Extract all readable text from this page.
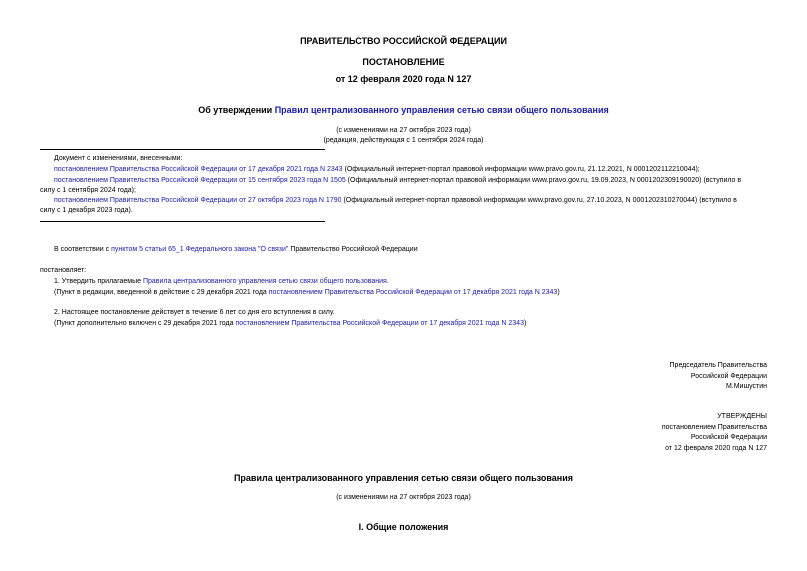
ПРАВИТЕЛЬСТВО РОССИЙСКОЙ ФЕДЕРАЦИИ
ПОСТАНОВЛЕНИЕ
от 12 февраля 2020 года N 127
Об утверждении Правил централизованного управления сетью связи общего пользования
(с изменениями на 27 октября 2023 года)
(редакция, действующая с 1 сентября 2024 года)
Документ с изменениями, внесенными:
постановлением Правительства Российской Федерации от 17 декабря 2021 года N 2343 (Официальный интернет-портал правовой информации www.pravo.gov.ru, 21.12.2021, N 0001202112210044);
постановлением Правительства Российской Федерации от 15 сентября 2023 года N 1505 (Официальный интернет-портал правовой информации www.pravo.gov.ru, 19.09.2023, N 0001202309190020) (вступило в
силу с 1 сентября 2024 года);
постановлением Правительства Российской Федерации от 27 октября 2023 года N 1790 (Официальный интернет-портал правовой информации www.pravo.gov.ru, 27.10.2023, N 0001202310270044) (вступило в
силу с 1 декабря 2023 года).
В соответствии с пунктом 5 статьи 65_1 Федерального закона "О связи" Правительство Российской Федерации
постановляет:
1. Утвердить прилагаемые Правила централизованного управления сетью связи общего пользования.
(Пункт в редакции, введенной в действие с 29 декабря 2021 года постановлением Правительства Российской Федерации от 17 декабря 2021 года N 2343)
2. Настоящее постановление действует в течение 6 лет со дня его вступления в силу.
(Пункт дополнительно включен с 29 декабря 2021 года постановлением Правительства Российской Федерации от 17 декабря 2021 года N 2343)
Председатель Правительства
Российской Федерации
М.Мишустин
УТВЕРЖДЕНЫ
постановлением Правительства
Российской Федерации
от 12 февраля 2020 года N 127
Правила централизованного управления сетью связи общего пользования
(с изменениями на 27 октября 2023 года)
I. Общие положения
